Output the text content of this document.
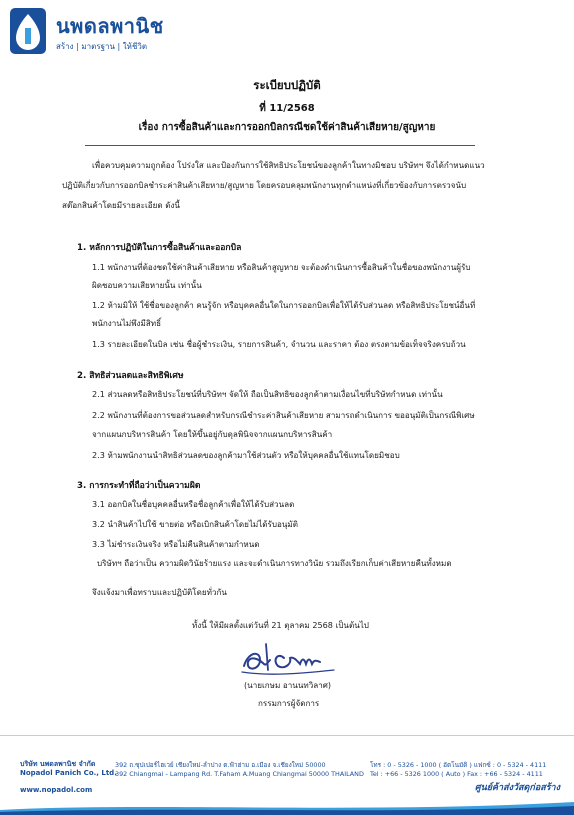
นพดลพานิช
สร้าง | มาตรฐาน | ให้ชีวิต
ระเบียบปฏิบัติ
ที่ 11/2568
เรื่อง การซื้อสินค้าและการออกบิลกรณีชดใช้ค่าสินค้าเสียหาย/สูญหาย
เพื่อควบคุมความถูกต้อง โปร่งใส และป้องกันการใช้สิทธิประโยชน์ของลูกค้าในทางมิชอบ บริษัทฯ จึงได้กำหนดแนว
ปฏิบัติเกี่ยวกับการออกบิลชำระค่าสินค้าเสียหาย/สูญหาย โดยครอบคลุมพนักงานทุกตำแหน่งที่เกี่ยวข้องกับการตรวจนับ
สต๊อกสินค้าโดยมีรายละเอียด ดังนี้
1. หลักการปฏิบัติในการซื้อสินค้าและออกบิล
1.1 พนักงานที่ต้องชดใช้ค่าสินค้าเสียหาย หรือสินค้าสูญหาย จะต้องดำเนินการซื้อสินค้าในชื่อของพนักงานผู้รับ
ผิดชอบความเสียหายนั้น เท่านั้น
1.2 ห้ามมิให้ ใช้ชื่อของลูกค้า คนรู้จัก หรือบุคคลอื่นใดในการออกบิลเพื่อให้ได้รับส่วนลด หรือสิทธิประโยชน์อื่นที่
พนักงานไม่พึงมีสิทธิ์
1.3 รายละเอียดในบิล เช่น ชื่อผู้ชำระเงิน, รายการสินค้า, จำนวน และราคา ต้อง ตรงตามข้อเท็จจริงครบถ้วน
2. สิทธิส่วนลดและสิทธิพิเศษ
2.1 ส่วนลดหรือสิทธิประโยชน์ที่บริษัทฯ จัดให้ ถือเป็นสิทธิของลูกค้าตามเงื่อนไขที่บริษัทกำหนด เท่านั้น
2.2 พนักงานที่ต้องการขอส่วนลดสำหรับกรณีชำระค่าสินค้าเสียหาย สามารถดำเนินการ ขออนุมัติเป็นกรณีพิเศษ
จากแผนกบริหารสินค้า โดยให้ขึ้นอยู่กับดุลพินิจจากแผนกบริหารสินค้า
2.3 ห้ามพนักงานนำสิทธิส่วนลดของลูกค้ามาใช้ส่วนตัว หรือให้บุคคลอื่นใช้แทนโดยมิชอบ
3. การกระทำที่ถือว่าเป็นความผิด
3.1 ออกบิลในชื่อบุคคลอื่นหรือชื่อลูกค้าเพื่อให้ได้รับส่วนลด
3.2 นำสินค้าไปใช้ ขายต่อ หรือเบิกสินค้าโดยไม่ได้รับอนุมัติ
3.3 ไม่ชำระเงินจริง หรือไม่คืนสินค้าตามกำหนด
บริษัทฯ ถือว่าเป็น ความผิดวินัยร้ายแรง และจะดำเนินการทางวินัย รวมถึงเรียกเก็บค่าเสียหายคืนทั้งหมด
จึงแจ้งมาเพื่อทราบและปฏิบัติโดยทั่วกัน
ทั้งนี้ ให้มีผลตั้งแต่วันที่ 21 ตุลาคม 2568 เป็นต้นไป
(นายเกษม อานนทวิลาศ)
กรรมการผู้จัดการ
บริษัท นพดลพานิช จำกัด
Nopadol Panich Co., Ltd.
392 ถ.ซุปเปอร์ไฮเวย์ เชียงใหม่-ลำปาง ต.ฟ้าฮ่าม อ.เมือง จ.เชียงใหม่ 50000
392 Chiangmai - Lampang Rd. T.Faham A.Muang Chiangmai 50000 THAILAND
โทร : 0 - 5326 - 1000 ( อัตโนมัติ ) แฟกซ์ : 0 - 5324 - 4111
Tel : +66 - 5326 1000 ( Auto ) Fax : +66 - 5324 - 4111
www.nopadol.com	ศูนย์ค้าส่งวัสดุก่อสร้าง
